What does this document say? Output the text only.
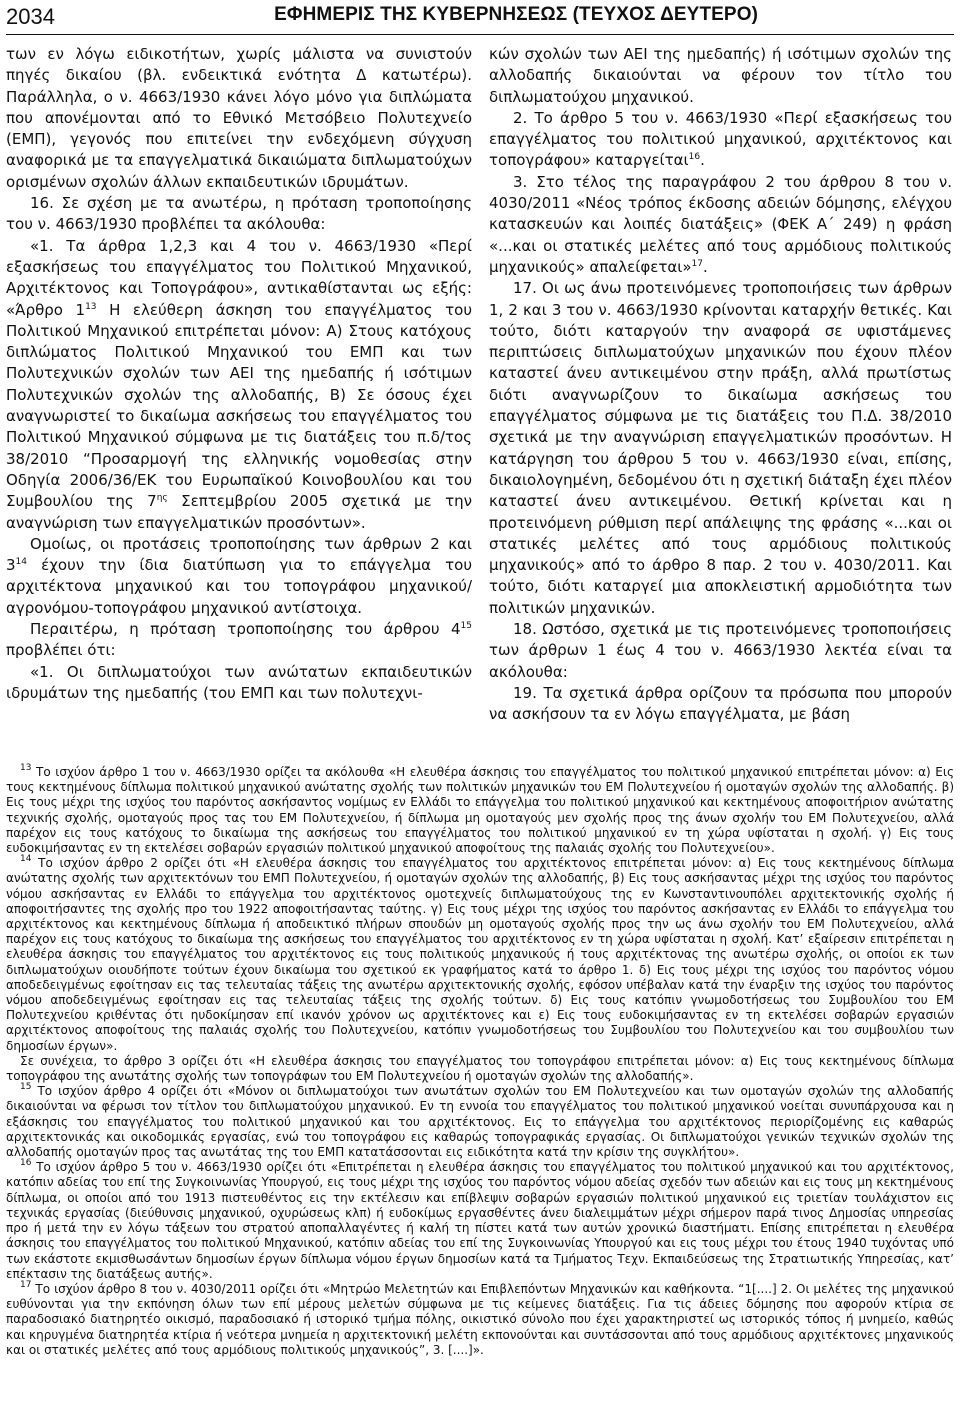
2034	ΕΦΗΜΕΡΙΣ ΤΗΣ ΚΥΒΕΡΝΗΣΕΩΣ (ΤΕΥΧΟΣ ΔΕΥΤΕΡΟ)

των εν λόγω ειδικοτήτων, χωρίς μάλιστα να συνιστούν πηγές δικαίου (βλ. ενδεικτικά ενότητα Δ κατωτέρω). Παράλληλα, ο ν. 4663/1930 κάνει λόγο μόνο για διπλώματα που απονέμονται από το Εθνικό Μετσόβειο Πολυτεχνείο (ΕΜΠ), γεγονός που επιτείνει την ενδεχόμενη σύγχυση αναφορικά με τα επαγγελματικά δικαιώματα διπλωματούχων ορισμένων σχολών άλλων εκπαιδευτικών ιδρυμάτων.

16. Σε σχέση με τα ανωτέρω, η πρόταση τροποποίησης του ν. 4663/1930 προβλέπει τα ακόλουθα:

«1. Τα άρθρα 1,2,3 και 4 του ν. 4663/1930 «Περί εξασκήσεως του επαγγέλματος του Πολιτικού Μηχανικού, Αρχιτέκτονος και Τοπογράφου», αντικαθίστανται ως εξής: «Άρθρο $1^{13}$ Η ελεύθερη άσκηση του επαγγέλματος του Πολιτικού Μηχανικού επιτρέπεται μόνον: Α) Στους κατόχους διπλώματος Πολιτικού Μηχανικού του ΕΜΠ και των Πολυτεχνικών σχολών των ΑΕΙ της ημεδαπής ή ισότιμων Πολυτεχνικών σχολών της αλλοδαπής, Β) Σε όσους έχει αναγνωριστεί το δικαίωμα ασκήσεως του επαγγέλματος του Πολιτικού Μηχανικού σύμφωνα με τις διατάξεις του π.δ/τος 38/2010 “Προσαρμογή της ελληνικής νομοθεσίας στην Οδηγία 2006/36/ΕΚ του Ευρωπαϊκού Κοινοβουλίου και του Συμβουλίου της $7^{\eta\varsigma}$ Σεπτεμβρίου 2005 σχετικά με την αναγνώριση των επαγγελματικών προσόντων».

Ομοίως, οι προτάσεις τροποποίησης των άρθρων 2 και $3^{14}$ έχουν την ίδια διατύπωση για το επάγγελμα του αρχιτέκτονα μηχανικού και του τοπογράφου μηχανικού/αγρονόμου-τοπογράφου μηχανικού αντίστοιχα.

Περαιτέρω, η πρόταση τροποποίησης του άρθρου $4^{15}$ προβλέπει ότι:

«1. Οι διπλωματούχοι των ανώτατων εκπαιδευτικών ιδρυμάτων της ημεδαπής (του ΕΜΠ και των πολυτεχνι-

κών σχολών των ΑΕΙ της ημεδαπής) ή ισότιμων σχολών της αλλοδαπής δικαιούνται να φέρουν τον τίτλο του διπλωματούχου μηχανικού.

2. Το άρθρο 5 του ν. 4663/1930 «Περί εξασκήσεως του επαγγέλματος του πολιτικού μηχανικού, αρχιτέκτονος και τοπογράφου» καταργείται$^{16}$.

3. Στο τέλος της παραγράφου 2 του άρθρου 8 του ν. 4030/2011 «Νέος τρόπος έκδοσης αδειών δόμησης, ελέγχου κατασκευών και λοιπές διατάξεις» (ΦΕΚ Α΄ 249) η φράση «...και οι στατικές μελέτες από τους αρμόδιους πολιτικούς μηχανικούς» απαλείφεται»$^{17}$.

17. Οι ως άνω προτεινόμενες τροποποιήσεις των άρθρων 1, 2 και 3 του ν. 4663/1930 κρίνονται καταρχήν θετικές. Και τούτο, διότι καταργούν την αναφορά σε υφιστάμενες περιπτώσεις διπλωματούχων μηχανικών που έχουν πλέον καταστεί άνευ αντικειμένου στην πράξη, αλλά πρωτίστως διότι αναγνωρίζουν το δικαίωμα ασκήσεως του επαγγέλματος σύμφωνα με τις διατάξεις του Π.Δ. 38/2010 σχετικά με την αναγνώριση επαγγελματικών προσόντων. Η κατάργηση του άρθρου 5 του ν. 4663/1930 είναι, επίσης, δικαιολογημένη, δεδομένου ότι η σχετική διάταξη έχει πλέον καταστεί άνευ αντικειμένου. Θετική κρίνεται και η προτεινόμενη ρύθμιση περί απάλειψης της φράσης «...και οι στατικές μελέτες από τους αρμόδιους πολιτικούς μηχανικούς» από το άρθρο 8 παρ. 2 του ν. 4030/2011. Και τούτο, διότι καταργεί μια αποκλειστική αρμοδιότητα των πολιτικών μηχανικών.

18. Ωστόσο, σχετικά με τις προτεινόμενες τροποποιήσεις των άρθρων 1 έως 4 του ν. 4663/1930 λεκτέα είναι τα ακόλουθα:

19. Τα σχετικά άρθρα ορίζουν τα πρόσωπα που μπορούν να ασκήσουν τα εν λόγω επαγγέλματα, με βάση

$^{13}$ Το ισχύον άρθρο 1 του ν. 4663/1930 ορίζει τα ακόλουθα «Η ελευθέρα άσκησις του επαγγέλματος του πολιτικού μηχανικού επιτρέπεται μόνον: α) Εις τους κεκτημένους δίπλωμα πολιτικού μηχανικού ανώτατης σχολής των πολιτικών μηχανικών του ΕΜ Πολυτεχνείου ή ομοταγών σχολών της αλλοδαπής. β) Εις τους μέχρι της ισχύος του παρόντος ασκήσαντος νομίμως εν Ελλάδι το επάγγελμα του πολιτικού μηχανικού και κεκτημένους αποφοιτήριον ανώτατης τεχνικής σχολής, ομοταγούς προς τας του ΕΜ Πολυτεχνείου, ή δίπλωμα μη ομοταγούς μεν σχολής προς της άνων σχολήν του ΕΜ Πολυτεχνείου, αλλά παρέχον εις τους κατόχους το δικαίωμα της ασκήσεως του επαγγέλματος του πολιτικού μηχανικού εν τη χώρα υφίσταται η σχολή. γ) Εις τους ευδοκιμήσαντας εν τη εκτελέσει σοβαρών εργασιών πολιτικού μηχανικού αποφοίτους της παλαιάς σχολής του Πολυτεχνείου».

$^{14}$ Το ισχύον άρθρο 2 ορίζει ότι «Η ελευθέρα άσκησις του επαγγέλματος του αρχιτέκτονος επιτρέπεται μόνον: α) Εις τους κεκτημένους δίπλωμα ανώτατης σχολής των αρχιτεκτόνων του ΕΜΠ Πολυτεχνείου, ή ομοταγών σχολών της αλλοδαπής, β) Εις τους ασκήσαντας μέχρι της ισχύος του παρόντος νόμου ασκήσαντας εν Ελλάδι το επάγγελμα του αρχιτέκτονος ομοτεχνείς διπλωματούχους της εν Κωνσταντινουπόλει αρχιτεκτονικής σχολής ή αποφοιτήσαντες της σχολής προ του 1922 αποφοιτήσαντας ταύτης. γ) Εις τους μέχρι της ισχύος του παρόντος ασκήσαντας εν Ελλάδι το επάγγελμα του αρχιτέκτονος και κεκτημένους δίπλωμα ή αποδεικτικό πλήρων σπουδών μη ομοταγούς σχολής προς την ως άνω σχολήν του ΕΜ Πολυτεχνείου, αλλά παρέχον εις τους κατόχους το δικαίωμα της ασκήσεως του επαγγέλματος του αρχιτέκτονος εν τη χώρα υφίσταται η σχολή. Κατ’ εξαίρεσιν επιτρέπεται η ελευθέρα άσκησις του επαγγέλματος του αρχιτέκτονος εις τους πολιτικούς μηχανικούς ή τους αρχιτέκτονας της ανωτέρω σχολής, οι οποίοι εκ των διπλωματούχων οιουδήποτε τούτων έχουν δικαίωμα του σχετικού εκ γραφήματος κατά το άρθρο 1. δ) Εις τους μέχρι της ισχύος του παρόντος νόμου αποδεδειγμένως εφοίτησαν εις τας τελευταίας τάξεις της ανωτέρω αρχιτεκτονικής σχολής, εφόσον υπέβαλαν κατά την έναρξιν της ισχύος του παρόντος νόμου αποδεδειγμένως εφοίτησαν εις τας τελευταίας τάξεις της σχολής τούτων. δ) Εις τους κατόπιν γνωμοδοτήσεως του Συμβουλίου του ΕΜ Πολυτεχνείου κριθέντας ότι ηυδοκίμησαν επί ικανόν χρόνον ως αρχιτέκτονες και ε) Εις τους ευδοκιμήσαντας εν τη εκτελέσει σοβαρών εργασιών αρχιτέκτονος αποφοίτους της παλαιάς σχολής του Πολυτεχνείου, κατόπιν γνωμοδοτήσεως του Συμβουλίου του Πολυτεχνείου και του συμβουλίου των δημοσίων έργων».

Σε συνέχεια, το άρθρο 3 ορίζει ότι «Η ελευθέρα άσκησις του επαγγέλματος του τοπογράφου επιτρέπεται μόνον: α) Εις τους κεκτημένους δίπλωμα τοπογράφου της ανωτάτης σχολής των τοπογράφων του ΕΜ Πολυτεχνείου ή ομοταγών σχολών της αλλοδαπής».

$^{15}$ Το ισχύον άρθρο 4 ορίζει ότι «Μόνον οι διπλωματούχοι των ανωτάτων σχολών του ΕΜ Πολυτεχνείου και των ομοταγών σχολών της αλλοδαπής δικαιούνται να φέρωσι τον τίτλον του διπλωματούχου μηχανικού. Εν τη εννοία του επαγγέλματος του πολιτικού μηχανικού νοείται συνυπάρχουσα και η εξάσκησις του επαγγέλματος του πολιτικού μηχανικού και του αρχιτέκτονος. Εις το επάγγελμα του αρχιτέκτονος περιορίζομένης εις καθαρώς αρχιτεκτονικάς και οικοδομικάς εργασίας, ενώ του τοπογράφου εις καθαρώς τοπογραφικάς εργασίας. Οι διπλωματούχοι γενικών τεχνικών σχολών της αλλοδαπής ομοταγών προς τας ανωτάτας της του ΕΜΠ κατατάσσονται εις ειδικότητα κατά την κρίσιν της συγκλήτου».

$^{16}$ Το ισχύον άρθρο 5 του ν. 4663/1930 ορίζει ότι «Επιτρέπεται η ελευθέρα άσκησις του επαγγέλματος του πολιτικού μηχανικού και του αρχιτέκτονος, κατόπιν αδείας του επί της Συγκοινωνίας Υπουργού, εις τους μέχρι της ισχύος του παρόντος νόμου αδείας σχεδόν των αδειών και εις τους μη κεκτημένους δίπλωμα, οι οποίοι από του 1913 πιστευθέντος εις την εκτέλεσιν και επίβλεψιν σοβαρών εργασιών πολιτικού μηχανικού εις τριετίαν τουλάχιστον εις τεχνικάς εργασίας (διεύθυνσις μηχανικού, οχυρώσεως κλπ) ή ευδοκίμως εργασθέντες άνευ διαλειμμάτων μέχρι σήμερον παρά τινος Δημοσίας υπηρεσίας προ ή μετά την εν λόγω τάξεων του στρατού αποπαλλαγέντες ή καλή τη πίστει κατά των αυτών χρονικώ διαστήματι. Επίσης επιτρέπεται η ελευθέρα άσκησις του επαγγέλματος του πολιτικού Μηχανικού, κατόπιν αδείας του επί της Συγκοινωνίας Υπουργού και εις τους μέχρι του έτους 1940 τυχόντας υπό των εκάστοτε εκμισθωσάντων δημοσίων έργων δίπλωμα νόμου έργων δημοσίων κατά τα Τμήματος Τεχν. Εκπαιδεύσεως της Στρατιωτικής Υπηρεσίας, κατ’ επέκτασιν της διατάξεως αυτής».

$^{17}$ Το ισχύον άρθρο 8 του ν. 4030/2011 ορίζει ότι «Μητρώο Μελετητών και Επιβλεπόντων Μηχανικών και καθήκοντα. “1[....] 2. Οι μελέτες της μηχανικού ευθύνονται για την εκπόνηση όλων των επί μέρους μελετών σύμφωνα με τις κείμενες διατάξεις. Για τις άδειες δόμησης που αφορούν κτίρια σε παραδοσιακό διατηρητέο οικισμό, παραδοσιακό ή ιστορικό τμήμα πόλης, οικιστικό σύνολο που έχει χαρακτηριστεί ως ιστορικός τόπος ή μνημείο, καθώς και κηρυγμένα διατηρητέα κτίρια ή νεότερα μνημεία η αρχιτεκτονική μελέτη εκπονούνται και συντάσσονται από τους αρμόδιους αρχιτέκτονες μηχανικούς και οι στατικές μελέτες από τους αρμόδιους πολιτικούς μηχανικούς”, 3. [....]».
